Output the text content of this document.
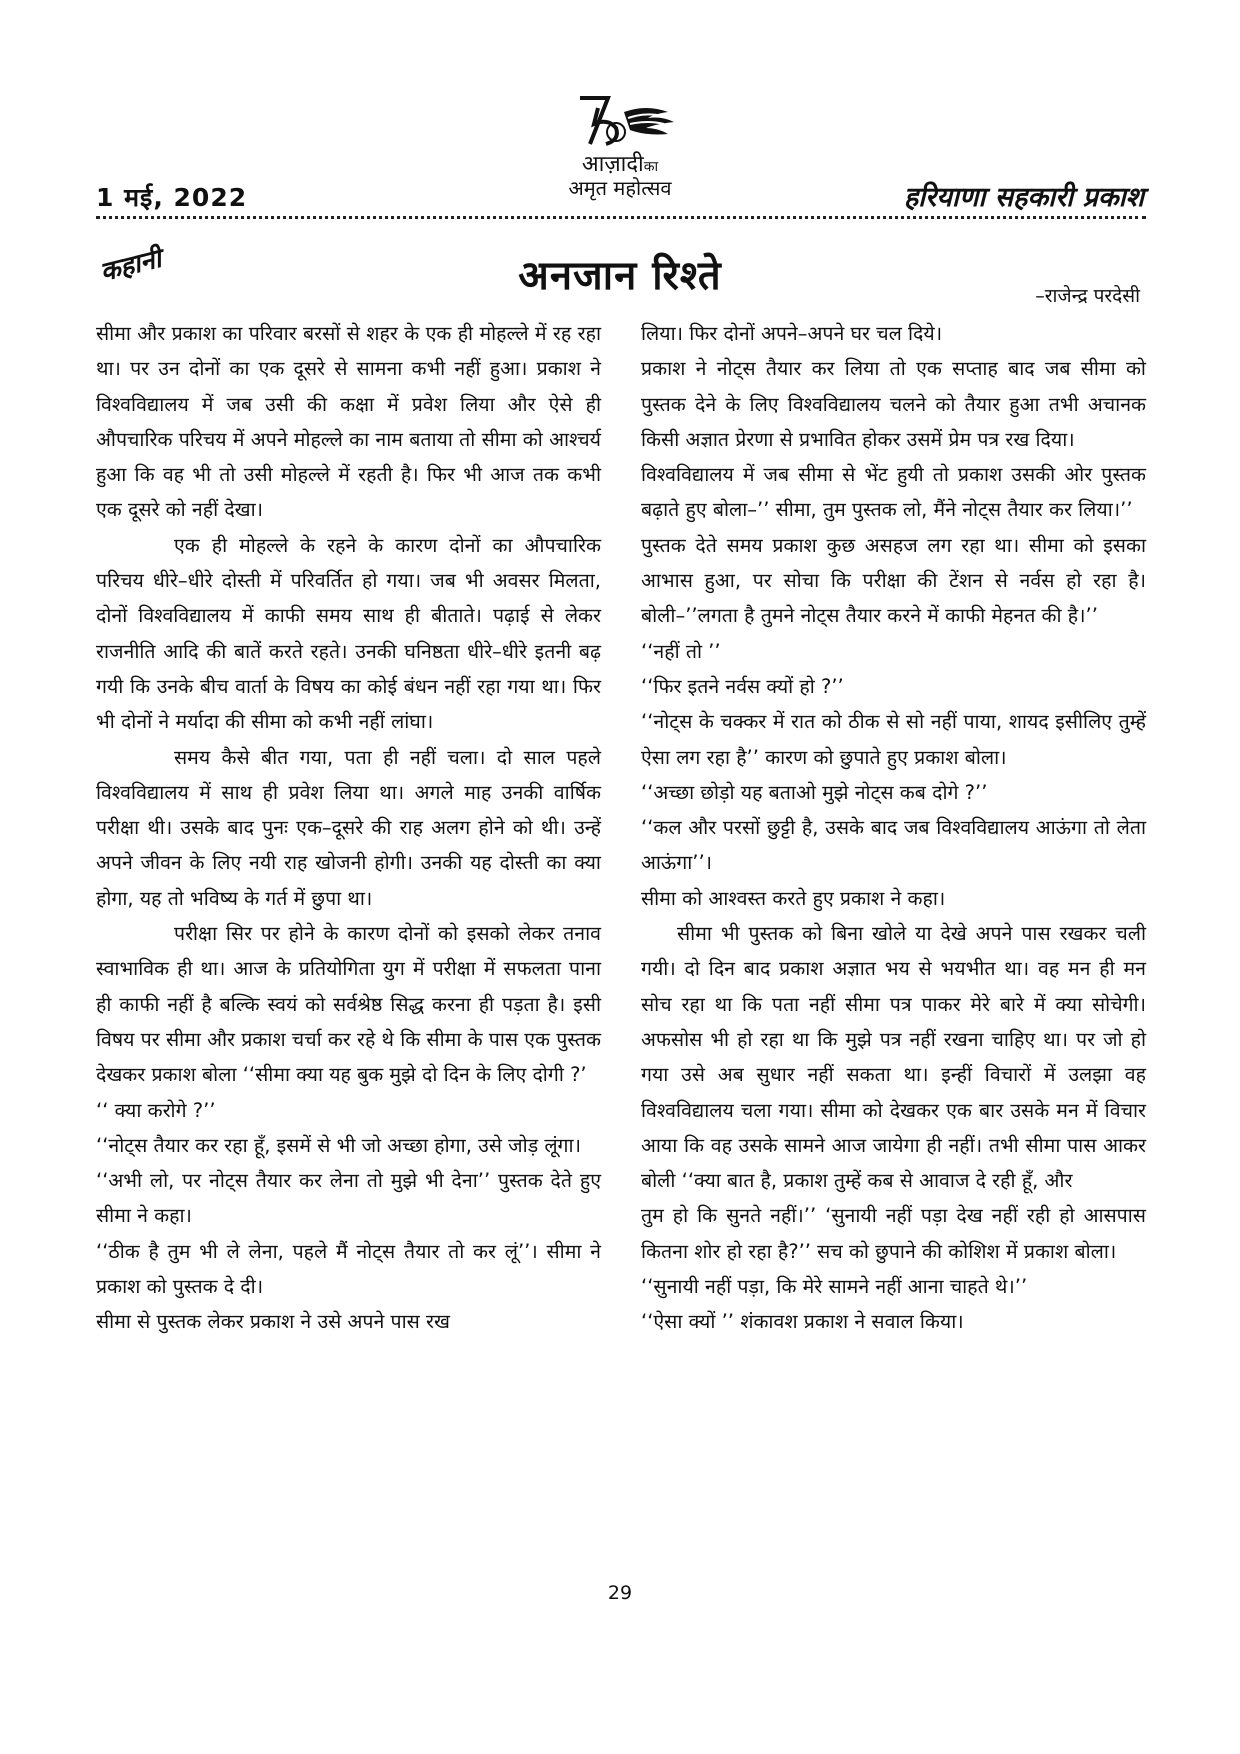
1 मई, 2022
आज़ादीका
अमृत महोत्सव	हरियाणा सहकारी प्रकाश
कहानी	अनजान रिश्ते	–राजेन्द्र परदेसी

सीमा और प्रकाश का परिवार बरसों से शहर के एक ही मोहल्ले में रह रहा था। पर उन दोनों का एक दूसरे से सामना कभी नहीं हुआ। प्रकाश ने विश्वविद्यालय में जब उसी की कक्षा में प्रवेश लिया और ऐसे ही औपचारिक परिचय में अपने मोहल्ले का नाम बताया तो सीमा को आश्चर्य हुआ कि वह भी तो उसी मोहल्ले में रहती है। फिर भी आज तक कभी एक दूसरे को नहीं देखा।

एक ही मोहल्ले के रहने के कारण दोनों का औपचारिक परिचय धीरे–धीरे दोस्ती में परिवर्तित हो गया। जब भी अवसर मिलता, दोनों विश्वविद्यालय में काफी समय साथ ही बीताते। पढ़ाई से लेकर राजनीति आदि की बातें करते रहते। उनकी घनिष्ठता धीरे–धीरे इतनी बढ़ गयी कि उनके बीच वार्ता के विषय का कोई बंधन नहीं रहा गया था। फिर भी दोनों ने मर्यादा की सीमा को कभी नहीं लांघा।

समय कैसे बीत गया, पता ही नहीं चला। दो साल पहले विश्वविद्यालय में साथ ही प्रवेश लिया था। अगले माह उनकी वार्षिक परीक्षा थी। उसके बाद पुनः एक–दूसरे की राह अलग होने को थी। उन्हें अपने जीवन के लिए नयी राह खोजनी होगी। उनकी यह दोस्ती का क्या होगा, यह तो भविष्य के गर्त में छुपा था।

परीक्षा सिर पर होने के कारण दोनों को इसको लेकर तनाव स्वाभाविक ही था। आज के प्रतियोगिता युग में परीक्षा में सफलता पाना ही काफी नहीं है बल्कि स्वयं को सर्वश्रेष्ठ सिद्ध करना ही पड़ता है। इसी विषय पर सीमा और प्रकाश चर्चा कर रहे थे कि सीमा के पास एक पुस्तक देखकर प्रकाश बोला ‘‘सीमा क्या यह बुक मुझे दो दिन के लिए दोगी ?’

‘‘ क्या करोगे ?’’

‘‘नोट्स तैयार कर रहा हूँ, इसमें से भी जो अच्छा होगा, उसे जोड़ लूंगा।

‘‘अभी लो, पर नोट्स तैयार कर लेना तो मुझे भी देना’’ पुस्तक देते हुए सीमा ने कहा।

‘‘ठीक है तुम भी ले लेना, पहले मैं नोट्स तैयार तो कर लूं’’। सीमा ने प्रकाश को पुस्तक दे दी।

सीमा से पुस्तक लेकर प्रकाश ने उसे अपने पास रख

लिया। फिर दोनों अपने–अपने घर चल दिये।

प्रकाश ने नोट्स तैयार कर लिया तो एक सप्ताह बाद जब सीमा को पुस्तक देने के लिए विश्वविद्यालय चलने को तैयार हुआ तभी अचानक किसी अज्ञात प्रेरणा से प्रभावित होकर उसमें प्रेम पत्र रख दिया।

विश्वविद्यालय में जब सीमा से भेंट हुयी तो प्रकाश उसकी ओर पुस्तक बढ़ाते हुए बोला–’’ सीमा, तुम पुस्तक लो, मैंने नोट्स तैयार कर लिया।’’

पुस्तक देते समय प्रकाश कुछ असहज लग रहा था। सीमा को इसका आभास हुआ, पर सोचा कि परीक्षा की टेंशन से नर्वस हो रहा है। बोली–’’लगता है तुमने नोट्स तैयार करने में काफी मेहनत की है।’’

‘‘नहीं तो ’’

‘‘फिर इतने नर्वस क्यों हो ?’’

‘‘नोट्स के चक्कर में रात को ठीक से सो नहीं पाया, शायद इसीलिए तुम्हें ऐसा लग रहा है’’ कारण को छुपाते हुए प्रकाश बोला।

‘‘अच्छा छोड़ो यह बताओ मुझे नोट्स कब दोगे ?’’

‘‘कल और परसों छुट्टी है, उसके बाद जब विश्वविद्यालय आऊंगा तो लेता आऊंगा’’।

सीमा को आश्वस्त करते हुए प्रकाश ने कहा।

सीमा भी पुस्तक को बिना खोले या देखे अपने पास रखकर चली गयी। दो दिन बाद प्रकाश अज्ञात भय से भयभीत था। वह मन ही मन सोच रहा था कि पता नहीं सीमा पत्र पाकर मेरे बारे में क्या सोचेगी। अफसोस भी हो रहा था कि मुझे पत्र नहीं रखना चाहिए था। पर जो हो गया उसे अब सुधार नहीं सकता था। इन्हीं विचारों में उलझा वह विश्वविद्यालय चला गया। सीमा को देखकर एक बार उसके मन में विचार आया कि वह उसके सामने आज जायेगा ही नहीं। तभी सीमा पास आकर बोली ‘‘क्या बात है, प्रकाश तुम्हें कब से आवाज दे रही हूँ, और

तुम हो कि सुनते नहीं।’’ ‘सुनायी नहीं पड़ा देख नहीं रही हो आसपास कितना शोर हो रहा है?’’ सच को छुपाने की कोशिश में प्रकाश बोला।

‘‘सुनायी नहीं पड़ा, कि मेरे सामने नहीं आना चाहते थे।’’

‘‘ऐसा क्यों ’’ शंकावश प्रकाश ने सवाल किया।

29
